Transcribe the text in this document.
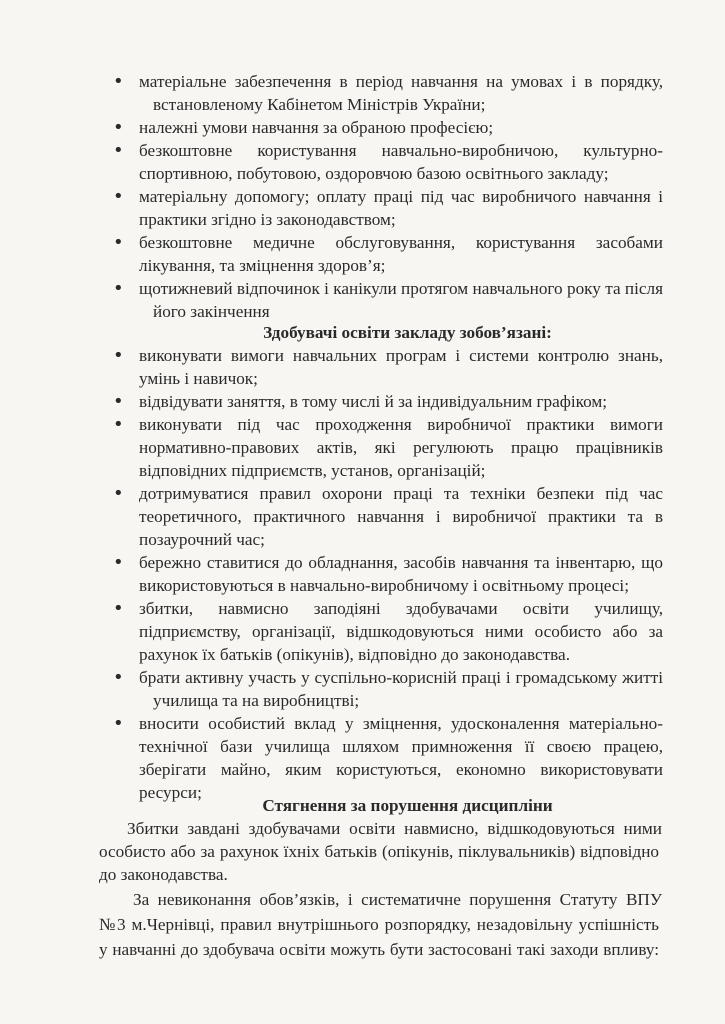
• матеріальне забезпечення в період навчання на умовах і в порядку,
встановленому Кабінетом Міністрів України;
• належні умови навчання за обраною професією;
• безкоштовне користування навчально-виробничою, культурно-
спортивною, побутовою, оздоровчою базою освітнього закладу;
• матеріальну допомогу; оплату праці під час виробничого навчання і
практики згідно із законодавством;
• безкоштовне медичне обслуговування, користування засобами
лікування, та зміцнення здоров’я;
• щотижневий відпочинок і канікули протягом навчального року та після
його закінчення
Здобувачі освіти закладу зобов’язані:
• виконувати вимоги навчальних програм і системи контролю знань,
умінь і навичок;
• відвідувати заняття, в тому числі й за індивідуальним графіком;
• виконувати під час проходження виробничої практики вимоги
нормативно-правових актів, які регулюють працю працівників
відповідних підприємств, установ, організацій;
• дотримуватися правил охорони праці та техніки безпеки під час
теоретичного, практичного навчання і виробничої практики та в
позаурочний час;
• бережно ставитися до обладнання, засобів навчання та інвентарю, що
використовуються в навчально-виробничому і освітньому процесі;
• збитки, навмисно заподіяні здобувачами освіти училищу,
підприємству, організації, відшкодовуються ними особисто або за
рахунок їх батьків (опікунів), відповідно до законодавства.
• брати активну участь у суспільно-корисній праці і громадському житті
училища та на виробництві;
• вносити особистий вклад у зміцнення, удосконалення матеріально-
технічної бази училища шляхом примноження її своєю працею,
зберігати майно, яким користуються, економно використовувати
ресурси;
Стягнення за порушення дисципліни
Збитки завдані здобувачами освіти навмисно, відшкодовуються ними
особисто або за рахунок їхніх батьків (опікунів, піклувальників) відповідно
до законодавства.
За невиконання обов’язків, і систематичне порушення Статуту ВПУ
№3 м.Чернівці, правил внутрішнього розпорядку, незадовільну успішність
у навчанні до здобувача освіти можуть бути застосовані такі заходи впливу:
